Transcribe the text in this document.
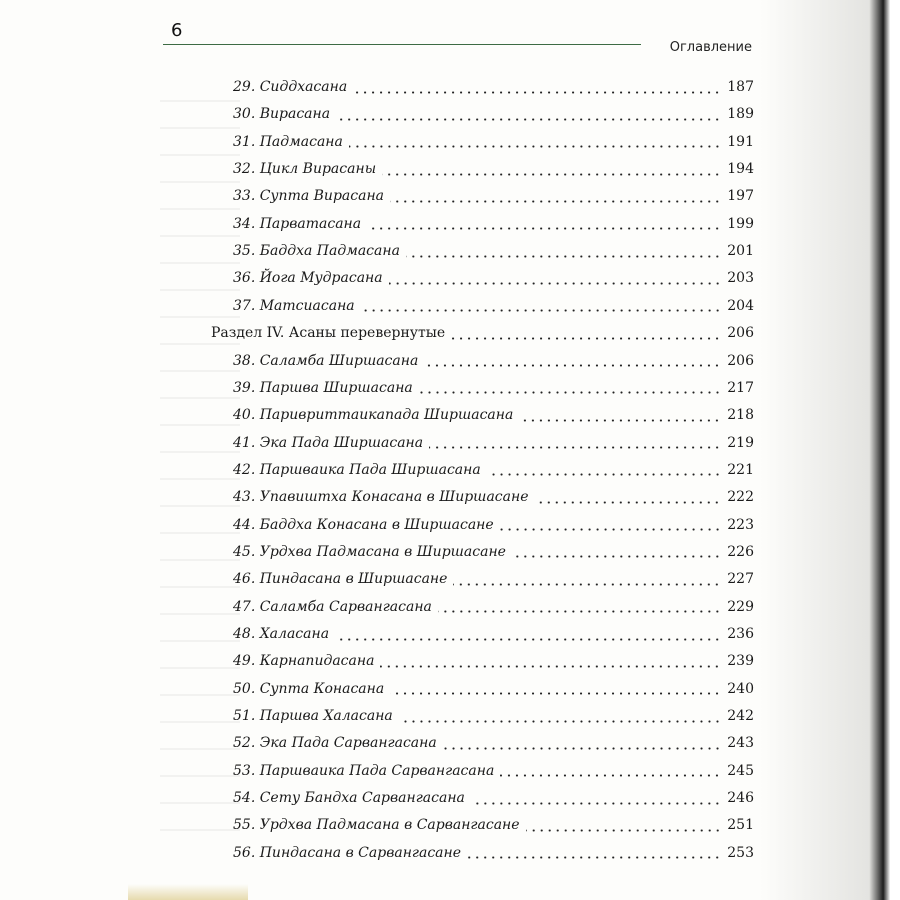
6
Оглавление
29. Сиддхасана	187
30. Вирасана	189
31. Падмасана	191
32. Цикл Вирасаны	194
33. Супта Вирасана	197
34. Парватасана	199
35. Баддха Падмасана	201
36. Йога Мудрасана	203
37. Матсиасана	204
Раздел IV. Асаны перевернутые	206
38. Саламба Ширшасана	206
39. Паршва Ширшасана	217
40. Паривриттаикапада Ширшасана	218
41. Эка Пада Ширшасана	219
42. Паршваика Пада Ширшасана	221
43. Упавиштха Конасана в Ширшасане	222
44. Баддха Конасана в Ширшасане	223
45. Урдхва Падмасана в Ширшасане	226
46. Пиндасана в Ширшасане	227
47. Саламба Сарвангасана	229
48. Халасана	236
49. Карнапидасана	239
50. Супта Конасана	240
51. Паршва Халасана	242
52. Эка Пада Сарвангасана	243
53. Паршваика Пада Сарвангасана	245
54. Сету Бандха Сарвангасана	246
55. Урдхва Падмасана в Сарвангасане	251
56. Пиндасана в Сарвангасане	253
